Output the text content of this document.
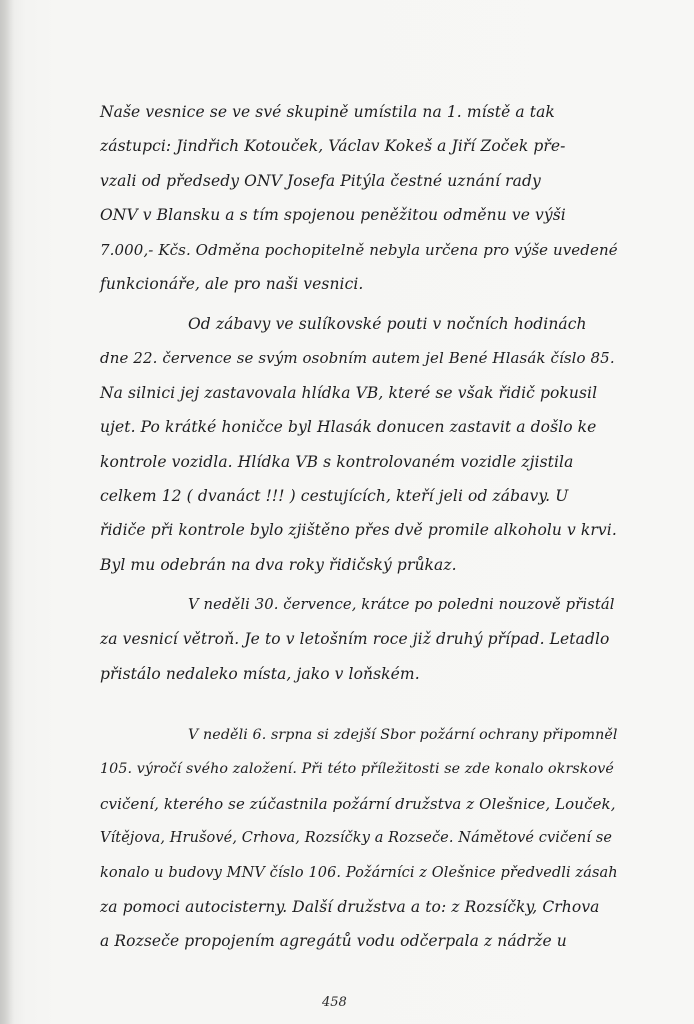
Naše vesnice se ve své skupině umístila na 1. místě a tak
zástupci: Jindřich Kotouček, Václav Kokeš a Jiří Zoček pře-
vzali od předsedy ONV Josefa Pitýla čestné uznání rady
ONV v Blansku a s tím spojenou peněžitou odměnu ve výši
7.000,- Kčs. Odměna pochopitelně nebyla určena pro výše uvedené
funkcionáře, ale pro naši vesnici.
Od zábavy ve sulíkovské pouti v nočních hodinách
dne 22. července se svým osobním autem jel Bené Hlasák číslo 85.
Na silnici jej zastavovala hlídka VB, které se však řidič pokusil
ujet. Po krátké honičce byl Hlasák donucen zastavit a došlo ke
kontrole vozidla. Hlídka VB s kontrolovaném vozidle zjistila
celkem 12 ( dvanáct !!! ) cestujících, kteří jeli od zábavy. U
řidiče při kontrole bylo zjištěno přes dvě promile alkoholu v krvi.
Byl mu odebrán na dva roky řidičský průkaz.
V neděli 30. července, krátce po poledni nouzově přistál
za vesnicí větroň. Je to v letošním roce již druhý případ. Letadlo
přistálo nedaleko místa, jako v loňském.
V neděli 6. srpna si zdejší Sbor požární ochrany připomněl
105. výročí svého založení. Při této příležitosti se zde konalo okrskové
cvičení, kterého se zúčastnila požární družstva z Olešnice, Louček,
Vítějova, Hrušové, Crhova, Rozsíčky a Rozseče. Námětové cvičení se
konalo u budovy MNV číslo 106. Požárníci z Olešnice předvedli zásah
za pomoci autocisterny. Další družstva a to: z Rozsíčky, Crhova
a Rozseče propojením agregátů vodu odčerpala z nádrže u
458
